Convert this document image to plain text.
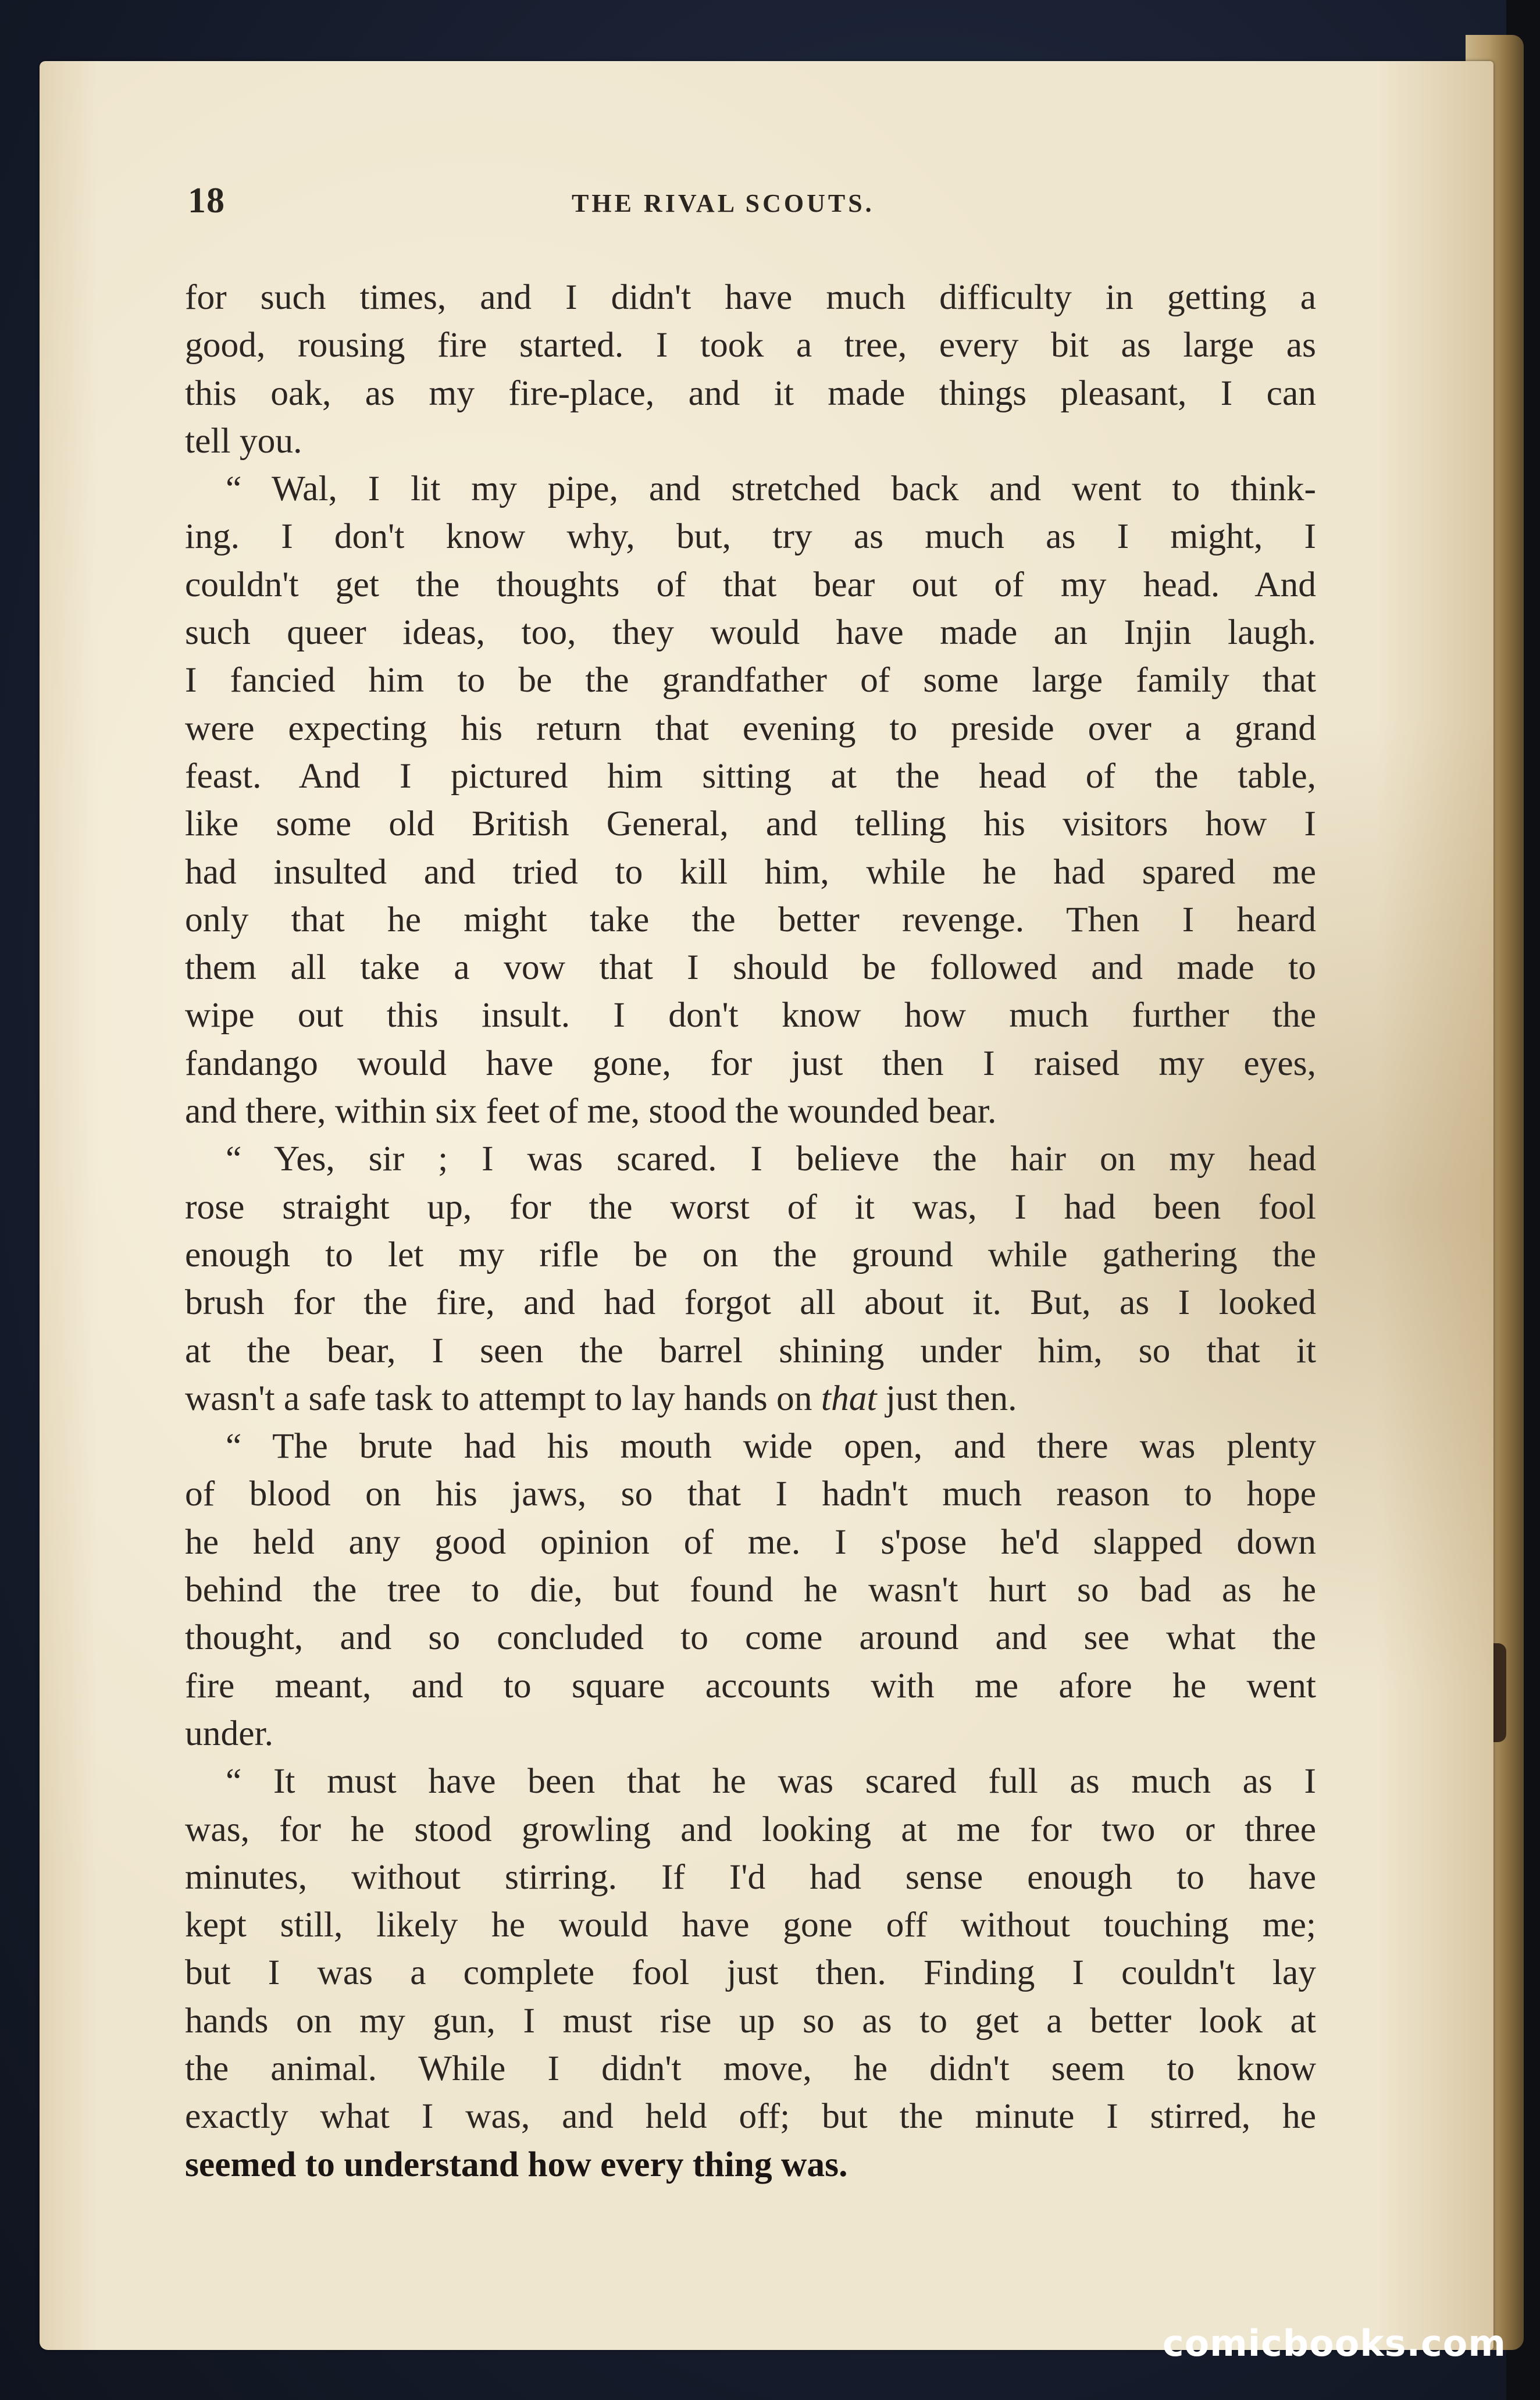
18	THE RIVAL SCOUTS.
for such times, and I didn't have much difficulty in getting a
good, rousing fire started. I took a tree, every bit as large as
this oak, as my fire-place, and it made things pleasant, I can
tell you.
“ Wal, I lit my pipe, and stretched back and went to think-
ing. I don't know why, but, try as much as I might, I
couldn't get the thoughts of that bear out of my head. And
such queer ideas, too, they would have made an Injin laugh.
I fancied him to be the grandfather of some large family that
were expecting his return that evening to preside over a grand
feast. And I pictured him sitting at the head of the table,
like some old British General, and telling his visitors how I
had insulted and tried to kill him, while he had spared me
only that he might take the better revenge. Then I heard
them all take a vow that I should be followed and made to
wipe out this insult. I don't know how much further the
fandango would have gone, for just then I raised my eyes,
and there, within six feet of me, stood the wounded bear.
“ Yes, sir ; I was scared. I believe the hair on my head
rose straight up, for the worst of it was, I had been fool
enough to let my rifle be on the ground while gathering the
brush for the fire, and had forgot all about it. But, as I looked
at the bear, I seen the barrel shining under him, so that it
wasn't a safe task to attempt to lay hands on that just then.
“ The brute had his mouth wide open, and there was plenty
of blood on his jaws, so that I hadn't much reason to hope
he held any good opinion of me. I s'pose he'd slapped down
behind the tree to die, but found he wasn't hurt so bad as he
thought, and so concluded to come around and see what the
fire meant, and to square accounts with me afore he went
under.
“ It must have been that he was scared full as much as I
was, for he stood growling and looking at me for two or three
minutes, without stirring. If I'd had sense enough to have
kept still, likely he would have gone off without touching me;
but I was a complete fool just then. Finding I couldn't lay
hands on my gun, I must rise up so as to get a better look at
the animal. While I didn't move, he didn't seem to know
exactly what I was, and held off; but the minute I stirred, he
seemed to understand how every thing was.
comicbooks.com
